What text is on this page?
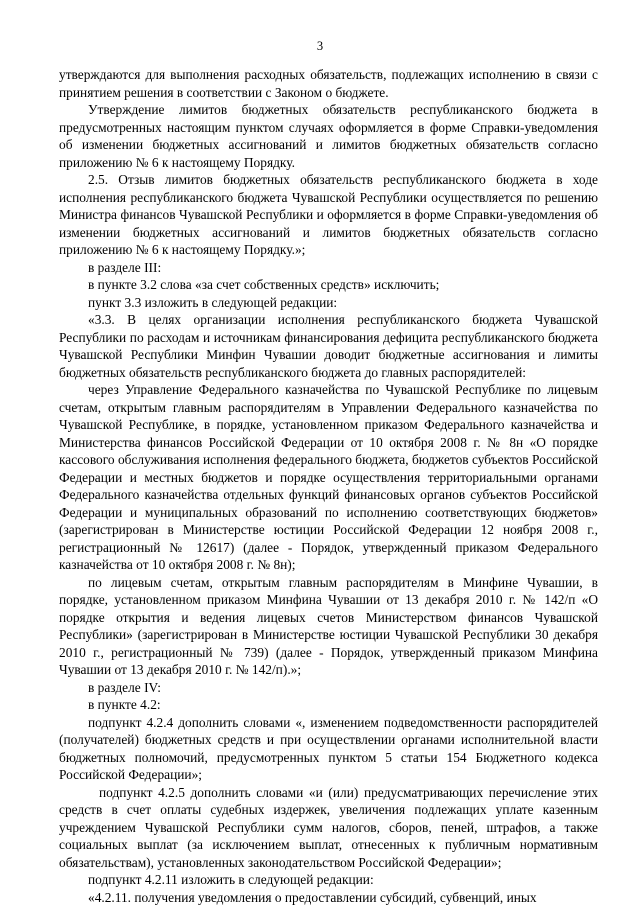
3

утверждаются для выполнения расходных обязательств, подлежащих исполнению в связи с принятием решения в соответствии с Законом о бюджете.

Утверждение лимитов бюджетных обязательств республиканского бюджета в предусмотренных настоящим пунктом случаях оформляется в форме Справки-уведомления об изменении бюджетных ассигнований и лимитов бюджетных обязательств согласно приложению № 6 к настоящему Порядку.

2.5. Отзыв лимитов бюджетных обязательств республиканского бюджета в ходе исполнения республиканского бюджета Чувашской Республики осуществляется по решению Министра финансов Чувашской Республики и оформляется в форме Справки-уведомления об изменении бюджетных ассигнований и лимитов бюджетных обязательств согласно приложению № 6 к настоящему Порядку.»;

в разделе III:

в пункте 3.2 слова «за счет собственных средств» исключить;

пункт 3.3 изложить в следующей редакции:

«3.3. В целях организации исполнения республиканского бюджета Чувашской Республики по расходам и источникам финансирования дефицита республиканского бюджета Чувашской Республики Минфин Чувашии доводит бюджетные ассигнования и лимиты бюджетных обязательств республиканского бюджета до главных распорядителей:

через Управление Федерального казначейства по Чувашской Республике по лицевым счетам, открытым главным распорядителям в Управлении Федерального казначейства по Чувашской Республике, в порядке, установленном приказом Федерального казначейства и Министерства финансов Российской Федерации от 10 октября 2008 г. № 8н «О порядке кассового обслуживания исполнения федерального бюджета, бюджетов субъектов Российской Федерации и местных бюджетов и порядке осуществления территориальными органами Федерального казначейства отдельных функций финансовых органов субъектов Российской Федерации и муниципальных образований по исполнению соответствующих бюджетов» (зарегистрирован в Министерстве юстиции Российской Федерации 12 ноября 2008 г., регистрационный № 12617) (далее - Порядок, утвержденный приказом Федерального казначейства от 10 октября 2008 г. № 8н);

по лицевым счетам, открытым главным распорядителям в Минфине Чувашии, в порядке, установленном приказом Минфина Чувашии от 13 декабря 2010 г. № 142/п «О порядке открытия и ведения лицевых счетов Министерством финансов Чувашской Республики» (зарегистрирован в Министерстве юстиции Чувашской Республики 30 декабря 2010 г., регистрационный № 739) (далее - Порядок, утвержденный приказом Минфина Чувашии от 13 декабря 2010 г. № 142/п).»;

в разделе IV:

в пункте 4.2:

подпункт 4.2.4 дополнить словами «, изменением подведомственности распорядителей (получателей) бюджетных средств и при осуществлении органами исполнительной власти бюджетных полномочий, предусмотренных пунктом 5 статьи 154 Бюджетного кодекса Российской Федерации»;

подпункт 4.2.5 дополнить словами «и (или) предусматривающих перечисление этих средств в счет оплаты судебных издержек, увеличения подлежащих уплате казенным учреждением Чувашской Республики сумм налогов, сборов, пеней, штрафов, а также социальных выплат (за исключением выплат, отнесенных к публичным нормативным обязательствам), установленных законодательством Российской Федерации»;

подпункт 4.2.11 изложить в следующей редакции:

«4.2.11. получения уведомления о предоставлении субсидий, субвенций, иных
